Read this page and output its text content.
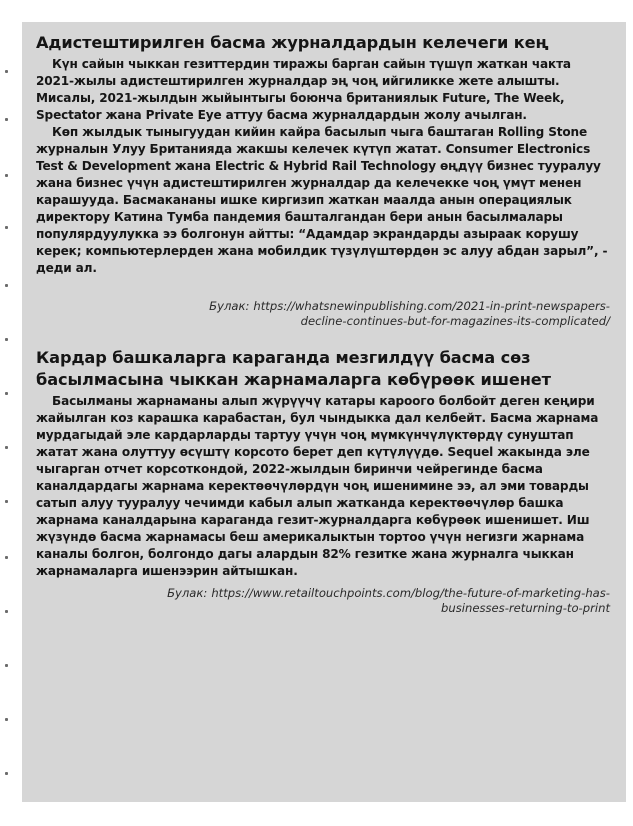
Адистештирилген басма журналдардын келечеги кең

Күн сайын чыккан гезиттердин тиражы барган сайын түшүп жаткан чакта 2021-жылы адистештирилген журналдар эң чоң ийгиликке жете алышты. Мисалы, 2021-жылдын жыйынтыгы боюнча британиялык Future, The Week, Spectator жана Private Eye аттуу басма журналдардын жолу ачылган.

Көп жылдык тыныгуудан кийин кайра басылып чыга баштаган Rolling Stone журналын Улуу Британияда жакшы келечек күтүп жатат. Consumer Electronics Test & Development жана Electric & Hybrid Rail Technology өңдүү бизнес тууралуу жана бизнес үчүн адистештирилген журналдар да келечекке чоң үмүт менен карашууда. Басмакананы ишке киргизип жаткан маалда анын операциялык директору Катина Тумба пандемия башталгандан бери анын басылмалары популярдуулукка ээ болгонун айтты: “Адамдар экрандарды азыраак корушу керек; компьютерлерден жана мобилдик түзүлүштөрдөн эс алуу абдан зарыл”, - деди ал.

Булак: https://whatsnewinpublishing.com/2021-in-print-newspapers-
decline-continues-but-for-magazines-its-complicated/
Кардар башкаларга караганда мезгилдүү басма сөз басылмасына чыккан жарнамаларга көбүрөөк ишенет

Басылманы жарнаманы алып жүрүүчү катары кароого болбойт деген кеңири жайылган коз карашка карабастан, бул чындыкка дал келбейт. Басма жарнама мурдагыдай эле кардарларды тартуу үчүн чоң мүмкүнчүлүктөрдү сунуштап жатат жана олуттуу өсүштү корсото берет деп күтүлүүдө. Sequel жакында эле чыгарган отчет корсоткондой, 2022-жылдын биринчи чейрегинде басма каналдардагы жарнама керектөөчүлөрдүн чоң ишенимине ээ, ал эми товарды сатып алуу тууралуу чечимди кабыл алып жатканда керектөөчүлөр башка жарнама каналдарына караганда гезит-журналдарга көбүрөөк ишенишет. Иш жүзүндө басма жарнамасы беш америкалыктын тортоо үчүн негизги жарнама каналы болгон, болгондо дагы алардын 82% гезитке жана журналга чыккан жарнамаларга ишенээрин айтышкан.

Булак: https://www.retailtouchpoints.com/blog/the-future-of-marketing-has-
businesses-returning-to-print
